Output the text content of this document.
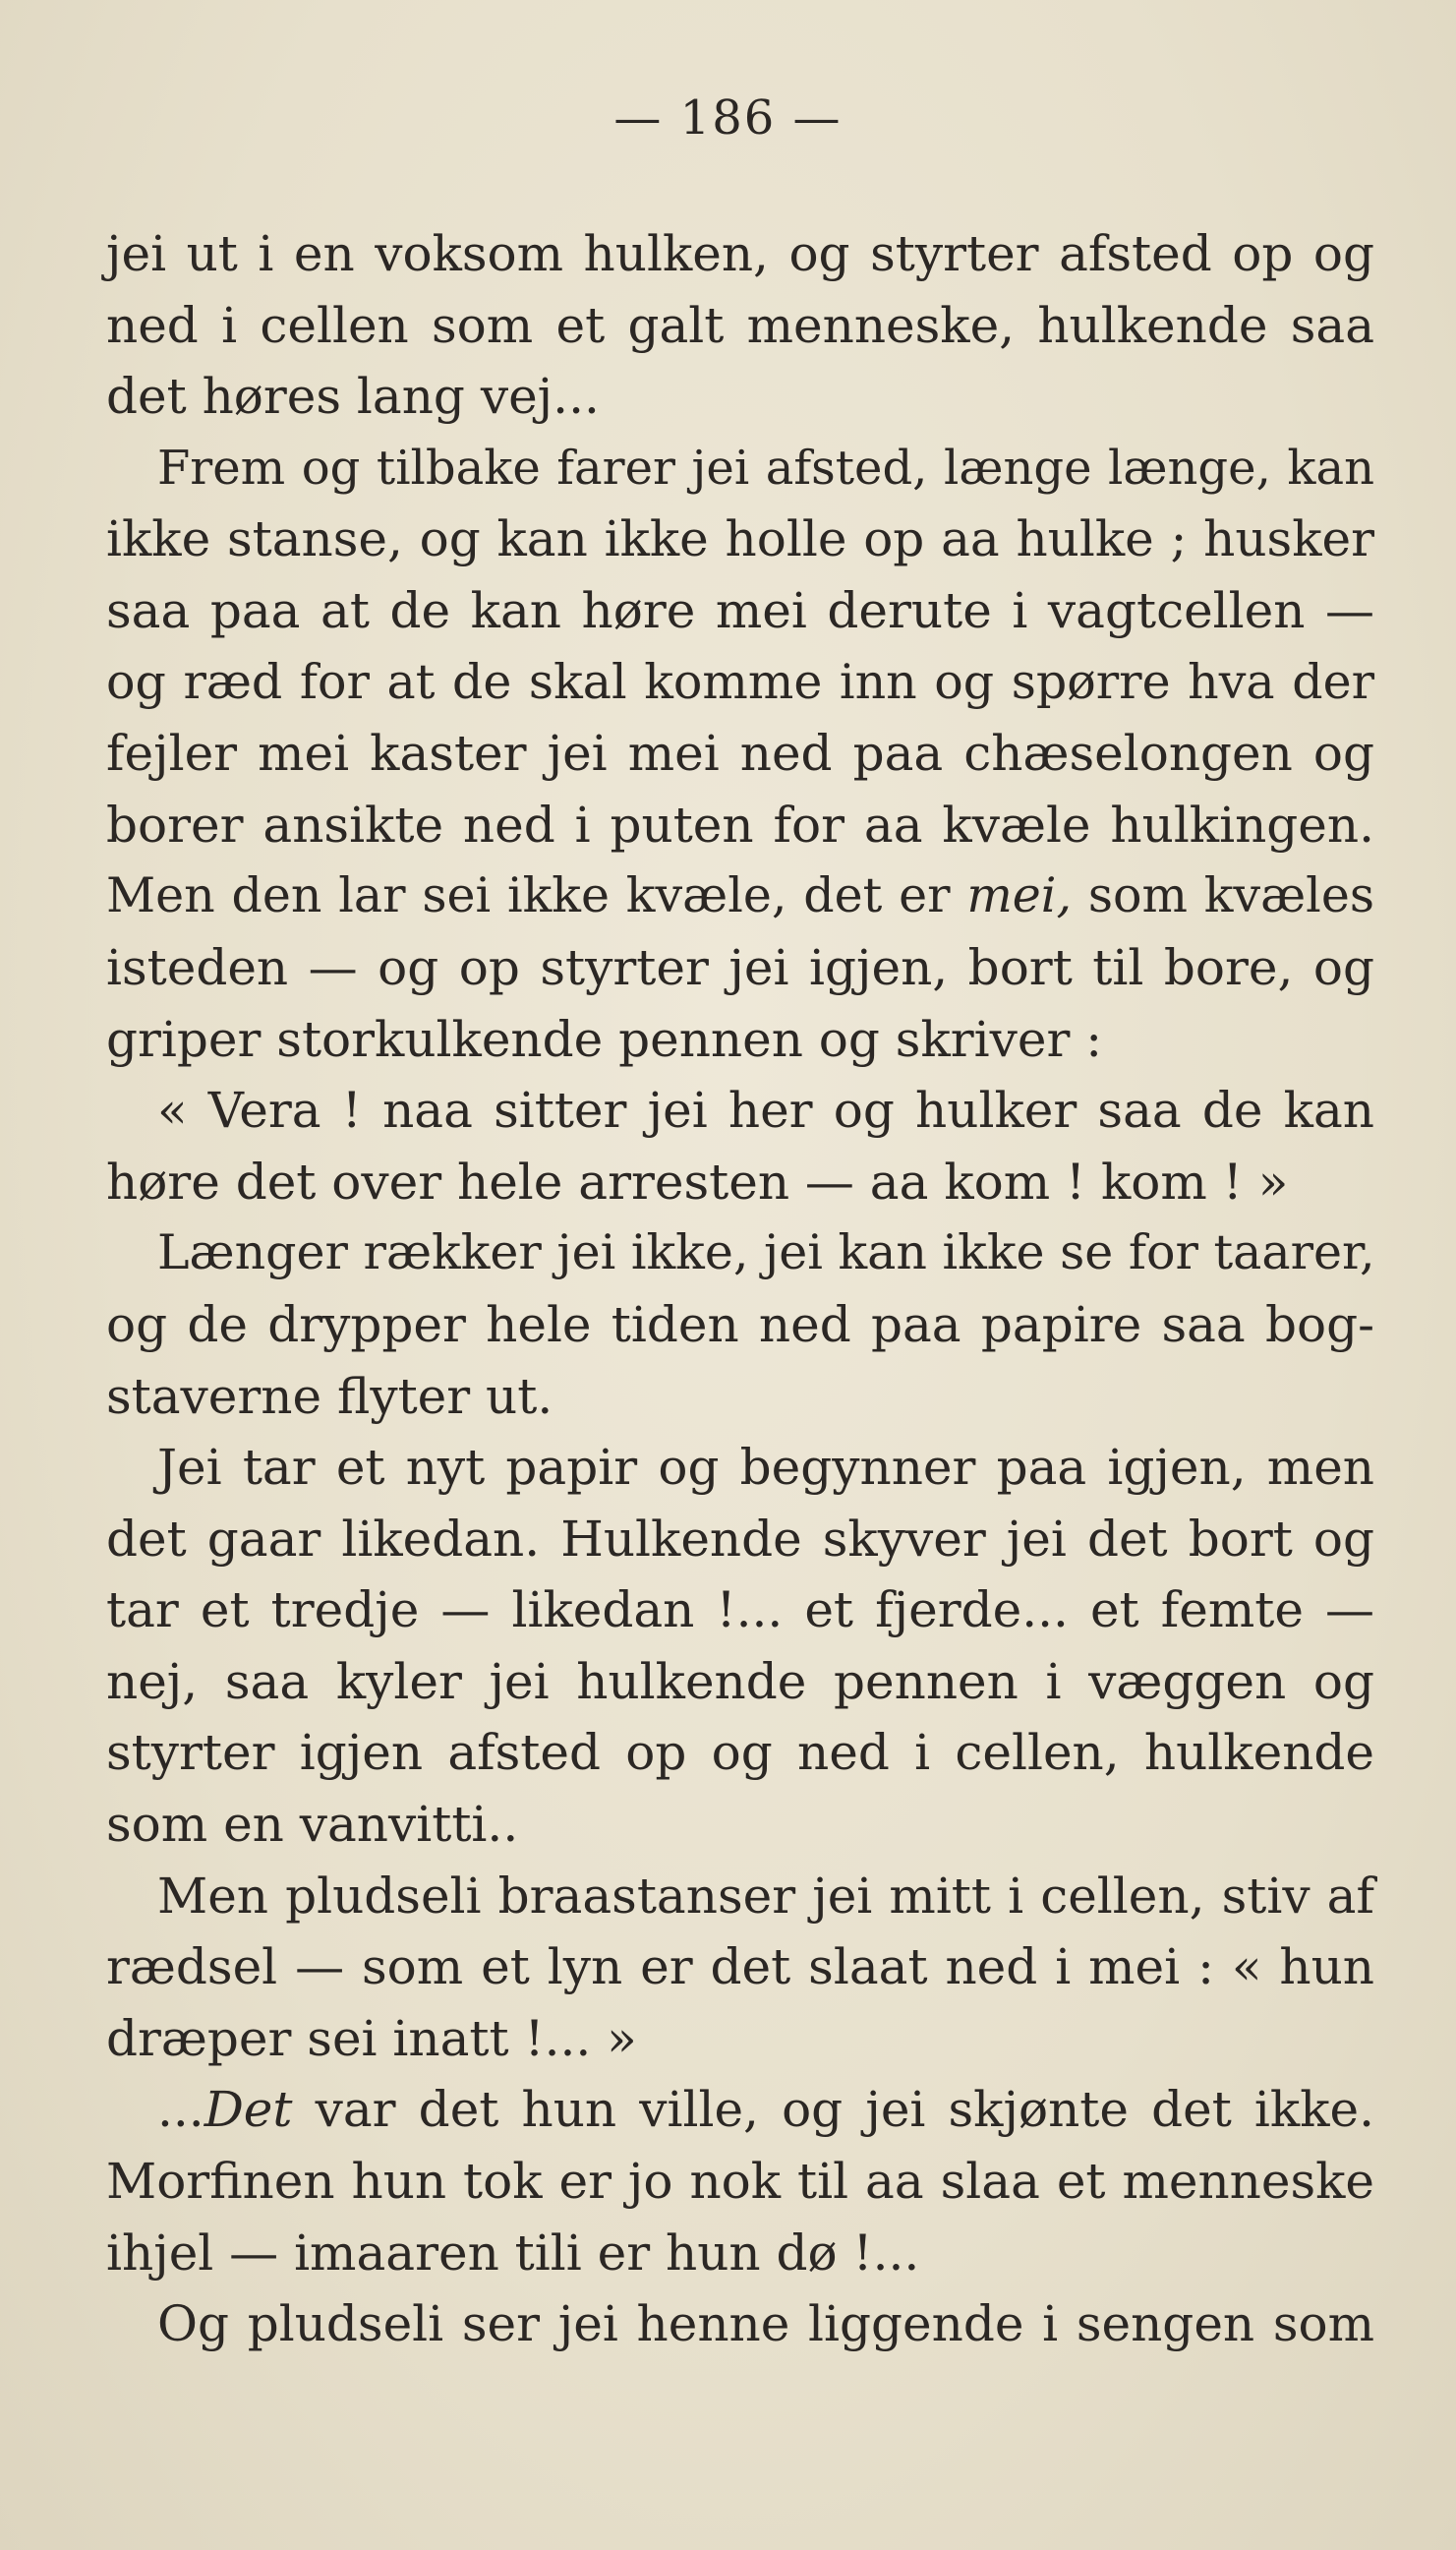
— 186 —
jei ut i en voksom hulken, og styrter afsted op og
ned i cellen som et galt menneske, hulkende saa
det høres lang vej...
Frem og tilbake farer jei afsted, længe længe, kan
ikke stanse, og kan ikke holle op aa hulke ; husker
saa paa at de kan høre mei derute i vagtcellen —
og ræd for at de skal komme inn og spørre hva der
fejler mei kaster jei mei ned paa chæselongen og
borer ansikte ned i puten for aa kvæle hulkingen.
Men den lar sei ikke kvæle, det er mei, som kvæles
isteden — og op styrter jei igjen, bort til bore, og
griper storkulkende pennen og skriver :
« Vera ! naa sitter jei her og hulker saa de kan
høre det over hele arresten — aa kom ! kom ! »
Længer rækker jei ikke, jei kan ikke se for taarer,
og de drypper hele tiden ned paa papire saa bog-
staverne flyter ut.
Jei tar et nyt papir og begynner paa igjen, men
det gaar likedan. Hulkende skyver jei det bort og
tar et tredje — likedan !... et fjerde... et femte —
nej, saa kyler jei hulkende pennen i væggen og
styrter igjen afsted op og ned i cellen, hulkende
som en vanvitti..
Men pludseli braastanser jei mitt i cellen, stiv af
rædsel — som et lyn er det slaat ned i mei : « hun
dræper sei inatt !... »
...Det var det hun ville, og jei skjønte det ikke.
Morfinen hun tok er jo nok til aa slaa et menneske
ihjel — imaaren tili er hun dø !...
Og pludseli ser jei henne liggende i sengen som
